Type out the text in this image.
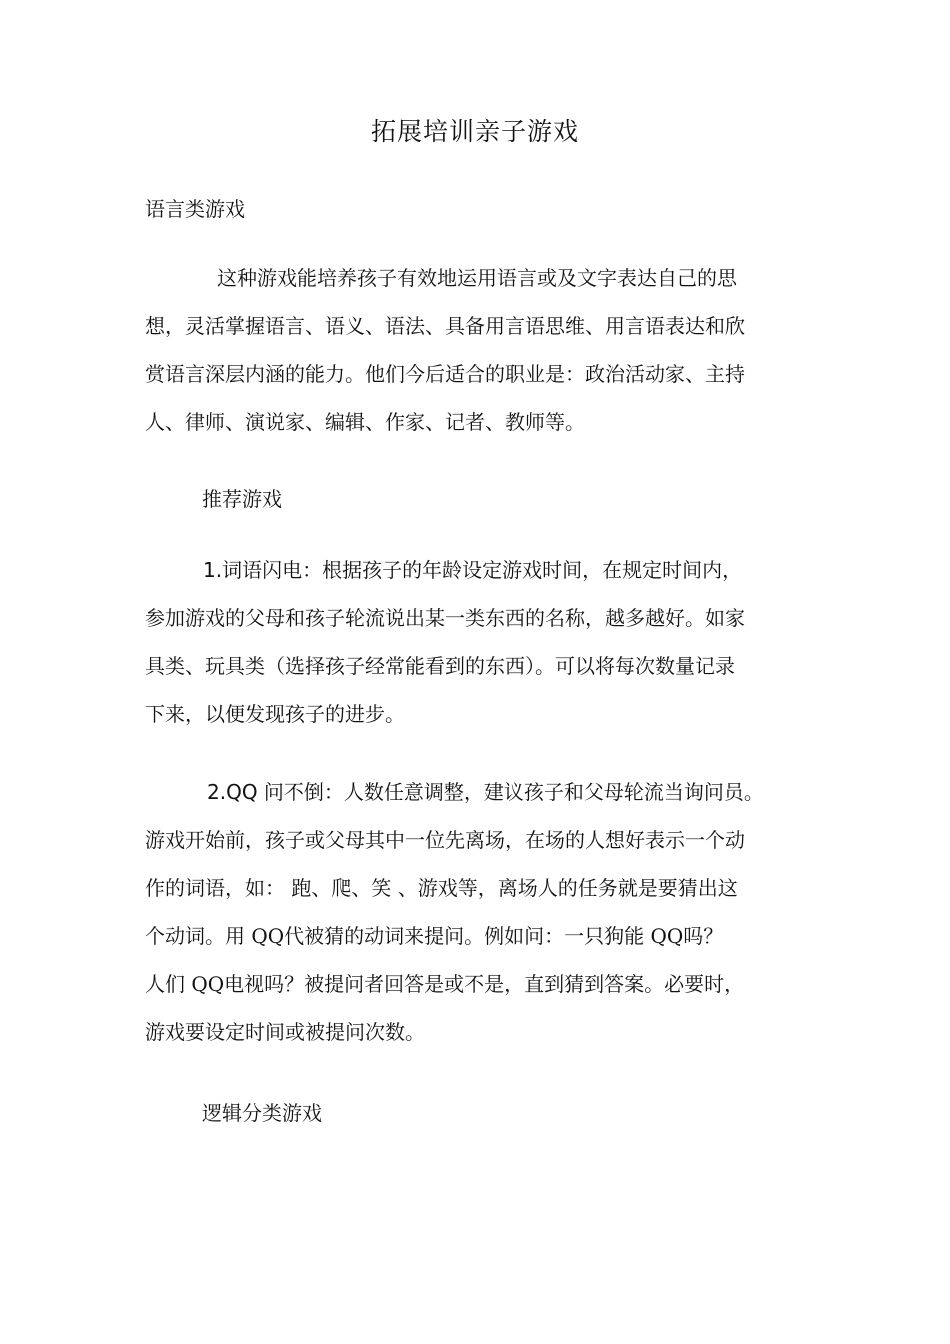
拓展培训亲子游戏
语言类游戏
这种游戏能培养孩子有效地运用语言或及文字表达自己的思
想，灵活掌握语言、语义、语法、具备用言语思维、用言语表达和欣
赏语言深层内涵的能力。他们今后适合的职业是：政治活动家、主持
人、律师、演说家、编辑、作家、记者、教师等。
推荐游戏
1.词语闪电：根据孩子的年龄设定游戏时间，在规定时间内，
参加游戏的父母和孩子轮流说出某一类东西的名称，越多越好。如家
具类、玩具类（选择孩子经常能看到的东西）。可以将每次数量记录
下来，以便发现孩子的进步。
2.QQ 问不倒：人数任意调整，建议孩子和父母轮流当询问员。
游戏开始前，孩子或父母其中一位先离场，在场的人想好表示一个动
作的词语，如： 跑、爬、笑 、游戏等，离场人的任务就是要猜出这
个动词。用 QQ代被猜的动词来提问。例如问：一只狗能 QQ吗？
人们 QQ电视吗？被提问者回答是或不是，直到猜到答案。必要时，
游戏要设定时间或被提问次数。
逻辑分类游戏
